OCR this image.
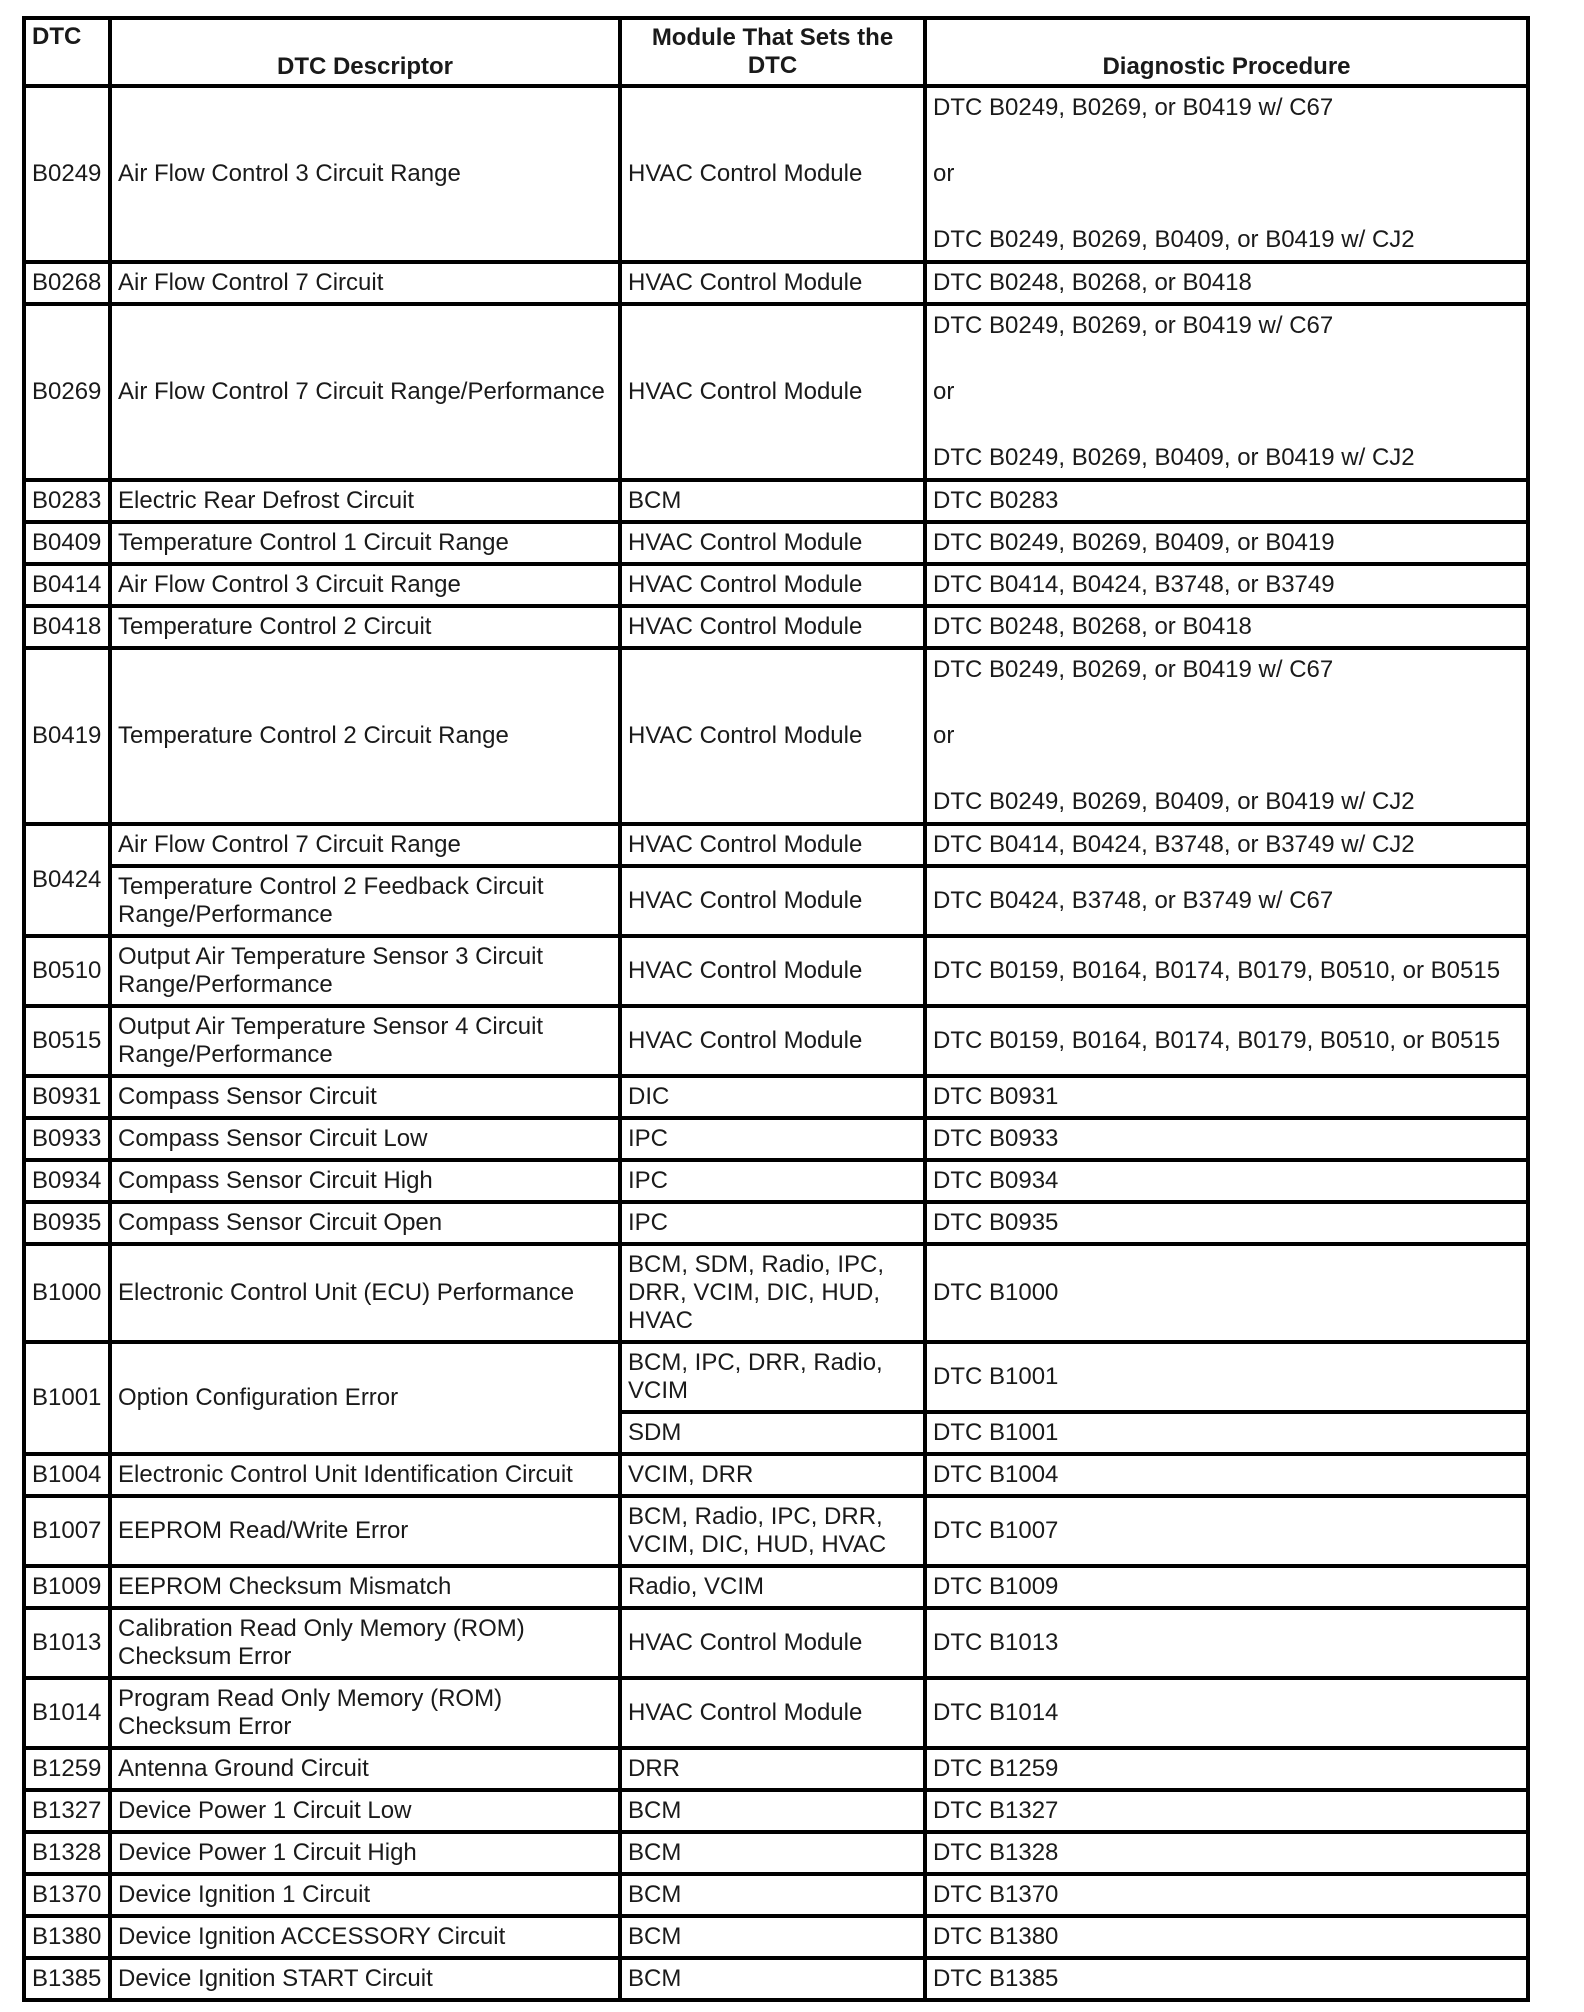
DTC	DTC Descriptor	Module That Sets the DTC	Diagnostic Procedure
B0249	Air Flow Control 3 Circuit Range	HVAC Control Module	DTC B0249, B0269, or B0419 w/ C67
or
DTC B0249, B0269, B0409, or B0419 w/ CJ2

B0268	Air Flow Control 7 Circuit	HVAC Control Module	DTC B0248, B0268, or B0418
B0269	Air Flow Control 7 Circuit Range/Performance	HVAC Control Module	DTC B0249, B0269, or B0419 w/ C67
or
DTC B0249, B0269, B0409, or B0419 w/ CJ2

B0283	Electric Rear Defrost Circuit	BCM	DTC B0283
B0409	Temperature Control 1 Circuit Range	HVAC Control Module	DTC B0249, B0269, B0409, or B0419
B0414	Air Flow Control 3 Circuit Range	HVAC Control Module	DTC B0414, B0424, B3748, or B3749
B0418	Temperature Control 2 Circuit	HVAC Control Module	DTC B0248, B0268, or B0418
B0419	Temperature Control 2 Circuit Range	HVAC Control Module	DTC B0249, B0269, or B0419 w/ C67
or
DTC B0249, B0269, B0409, or B0419 w/ CJ2

B0424	Air Flow Control 7 Circuit Range	HVAC Control Module	DTC B0414, B0424, B3748, or B3749 w/ CJ2
	Temperature Control 2 Feedback Circuit Range/Performance	HVAC Control Module	DTC B0424, B3748, or B3749 w/ C67
B0510	Output Air Temperature Sensor 3 Circuit Range/Performance	HVAC Control Module	DTC B0159, B0164, B0174, B0179, B0510, or B0515
B0515	Output Air Temperature Sensor 4 Circuit Range/Performance	HVAC Control Module	DTC B0159, B0164, B0174, B0179, B0510, or B0515
B0931	Compass Sensor Circuit	DIC	DTC B0931
B0933	Compass Sensor Circuit Low	IPC	DTC B0933
B0934	Compass Sensor Circuit High	IPC	DTC B0934
B0935	Compass Sensor Circuit Open	IPC	DTC B0935
B1000	Electronic Control Unit (ECU) Performance	BCM, SDM, Radio, IPC, DRR, VCIM, DIC, HUD, HVAC	DTC B1000
B1001	Option Configuration Error	BCM, IPC, DRR, Radio, VCIM	DTC B1001
		SDM	DTC B1001
B1004	Electronic Control Unit Identification Circuit	VCIM, DRR	DTC B1004
B1007	EEPROM Read/Write Error	BCM, Radio, IPC, DRR, VCIM, DIC, HUD, HVAC	DTC B1007
B1009	EEPROM Checksum Mismatch	Radio, VCIM	DTC B1009
B1013	Calibration Read Only Memory (ROM) Checksum Error	HVAC Control Module	DTC B1013
B1014	Program Read Only Memory (ROM) Checksum Error	HVAC Control Module	DTC B1014
B1259	Antenna Ground Circuit	DRR	DTC B1259
B1327	Device Power 1 Circuit Low	BCM	DTC B1327
B1328	Device Power 1 Circuit High	BCM	DTC B1328
B1370	Device Ignition 1 Circuit	BCM	DTC B1370
B1380	Device Ignition ACCESSORY Circuit	BCM	DTC B1380
B1385	Device Ignition START Circuit	BCM	DTC B1385
